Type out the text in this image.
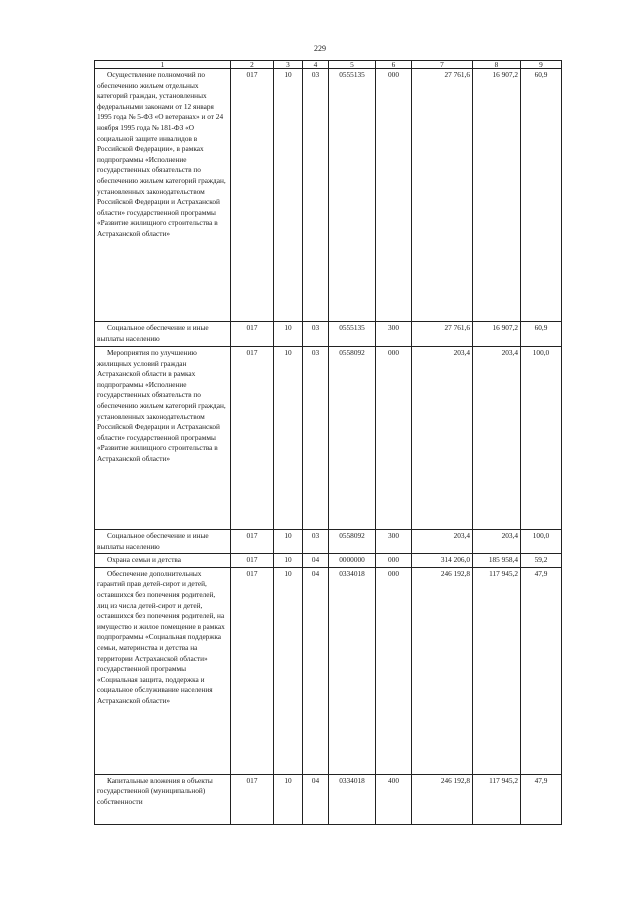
229
1	2	3	4	5	6	7	8	9
Осуществление полномочий по обеспечению жильем отдельных категорий граждан, установленных федеральными законами от 12 января 1995 года № 5-ФЗ «О ветеранах» и от 24 ноября 1995 года № 181-ФЗ «О социальной защите инвалидов в Российской Федерации», в рамках подпрограммы «Исполнение государственных обязательств по обеспечению жильем категорий граждан, установленных законодательством Российской Федерации и Астраханской области» государственной программы «Развитие жилищного строительства в Астраханской области»	017	10	03	0555135	000	27 761,6	16 907,2	60,9
Социальное обеспечение и иные выплаты населению	017	10	03	0555135	300	27 761,6	16 907,2	60,9
Мероприятия по улучшению жилищных условий граждан Астраханской области в рамках подпрограммы «Исполнение государственных обязательств по обеспечению жильем категорий граждан, установленных законодательством Российской Федерации и Астраханской области» государственной программы «Развитие жилищного строительства в Астраханской области»	017	10	03	0558092	000	203,4	203,4	100,0
Социальное обеспечение и иные выплаты населению	017	10	03	0558092	300	203,4	203,4	100,0
Охрана семьи и детства	017	10	04	0000000	000	314 206,0	185 958,4	59,2
Обеспечение дополнительных гарантий прав детей-сирот и детей, оставшихся без попечения родителей, лиц из числа детей-сирот и детей, оставшихся без попечения родителей, на имущество и жилое помещение в рамках подпрограммы «Социальная поддержка семьи, материнства и детства на территории Астраханской области» государственной программы «Социальная защита, поддержка и социальное обслуживание населения Астраханской области»	017	10	04	0334018	000	246 192,8	117 945,2	47,9
Капитальные вложения в объекты государственной (муниципальной) собственности	017	10	04	0334018	400	246 192,8	117 945,2	47,9
